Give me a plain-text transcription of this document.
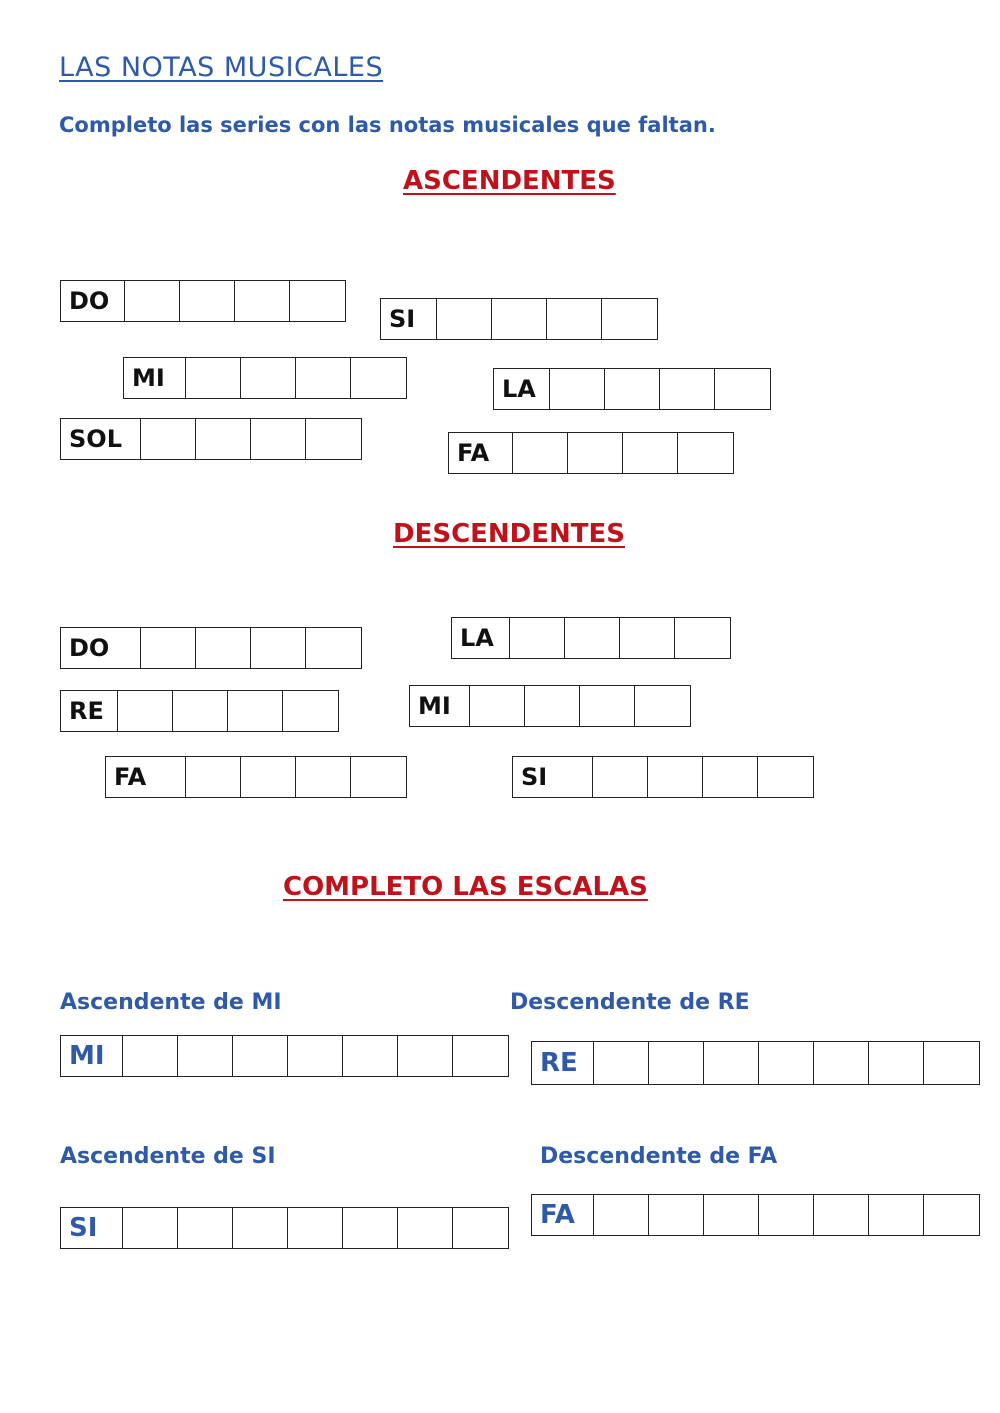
LAS NOTAS MUSICALES
Completo las series con las notas musicales que faltan.
ASCENDENTES
DO
SI
MI	LA
SOL	FA
DESCENDENTES
LA
DO
MI
RE
FA	SI
COMPLETO LAS ESCALAS
Ascendente de MI	Descendente de RE
MI	RE
Ascendente de SI	Descendente de FA
FA
SI
